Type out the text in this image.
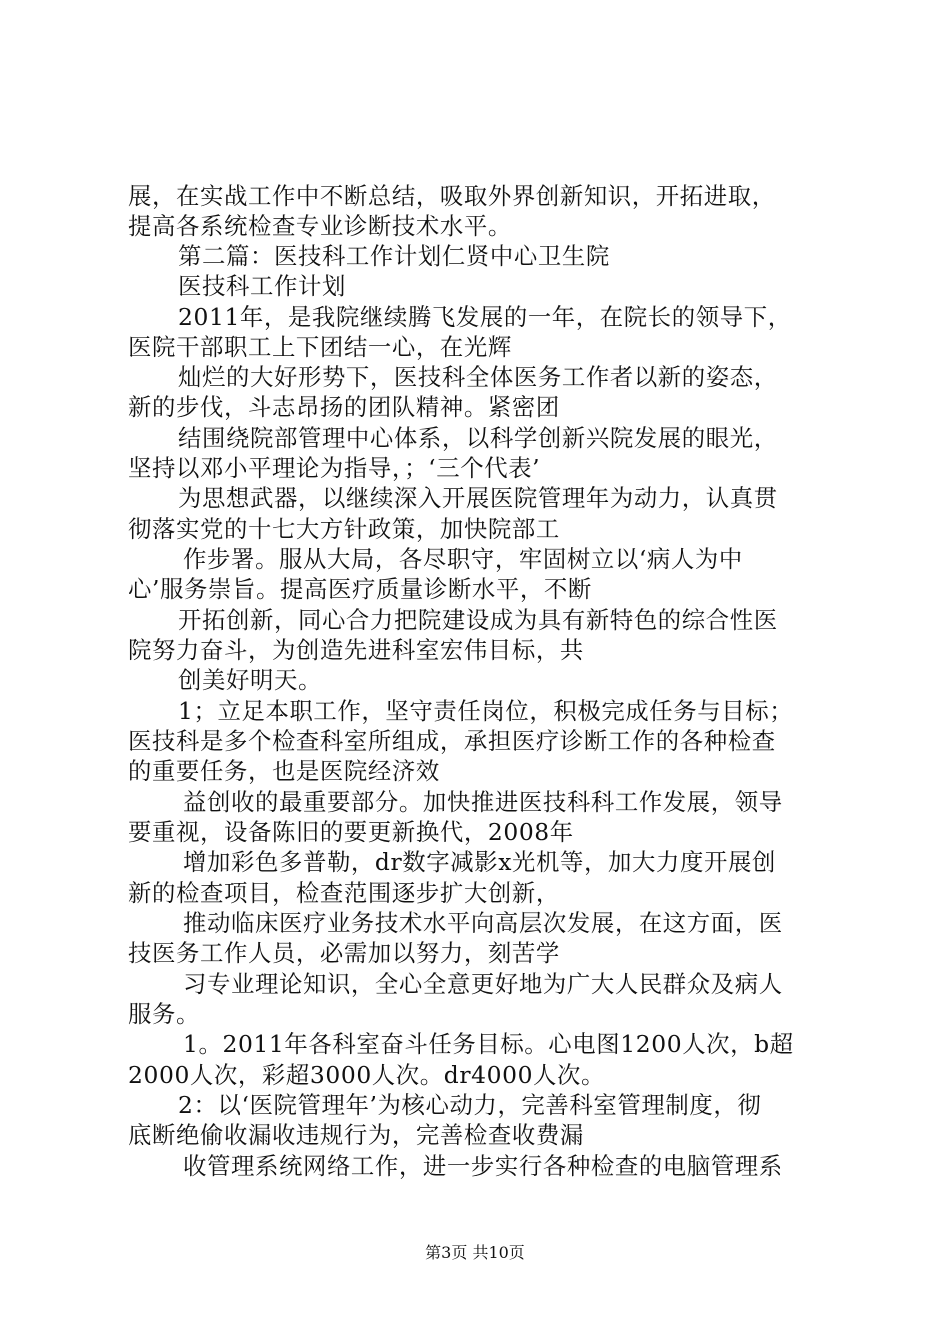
展，在实战工作中不断总结，吸取外界创新知识，开拓进取，
提高各系统检查专业诊断技术水平。
第二篇：医技科工作计划仁贤中心卫生院
医技科工作计划
2011年，是我院继续腾飞发展的一年，在院长的领导下，
医院干部职工上下团结一心，在光辉
灿烂的大好形势下，医技科全体医务工作者以新的姿态，
新的步伐，斗志昂扬的团队精神。紧密团
结围绕院部管理中心体系，以科学创新兴院发展的眼光，
坚持以邓小平理论为指导，；‘三个代表’
为思想武器，以继续深入开展医院管理年为动力，认真贯
彻落实党的十七大方针政策，加快院部工
作步署。服从大局，各尽职守，牢固树立以‘病人为中
心’服务崇旨。提高医疗质量诊断水平，不断
开拓创新，同心合力把院建设成为具有新特色的综合性医
院努力奋斗，为创造先进科室宏伟目标，共
创美好明天。
1；立足本职工作，坚守责任岗位，积极完成任务与目标；
医技科是多个检查科室所组成，承担医疗诊断工作的各种检查
的重要任务，也是医院经济效
益创收的最重要部分。加快推进医技科科工作发展，领导
要重视，设备陈旧的要更新换代，2008年
增加彩色多普勒，dr数字减影x光机等，加大力度开展创
新的检查项目，检查范围逐步扩大创新，
推动临床医疗业务技术水平向高层次发展，在这方面，医
技医务工作人员，必需加以努力，刻苦学
习专业理论知识，全心全意更好地为广大人民群众及病人
服务。
1。2011年各科室奋斗任务目标。心电图1200人次，b超
2000人次，彩超3000人次。dr4000人次。
2：以‘医院管理年’为核心动力，完善科室管理制度，彻
底断绝偷收漏收违规行为，完善检查收费漏
收管理系统网络工作，进一步实行各种检查的电脑管理系
第3页 共10页
